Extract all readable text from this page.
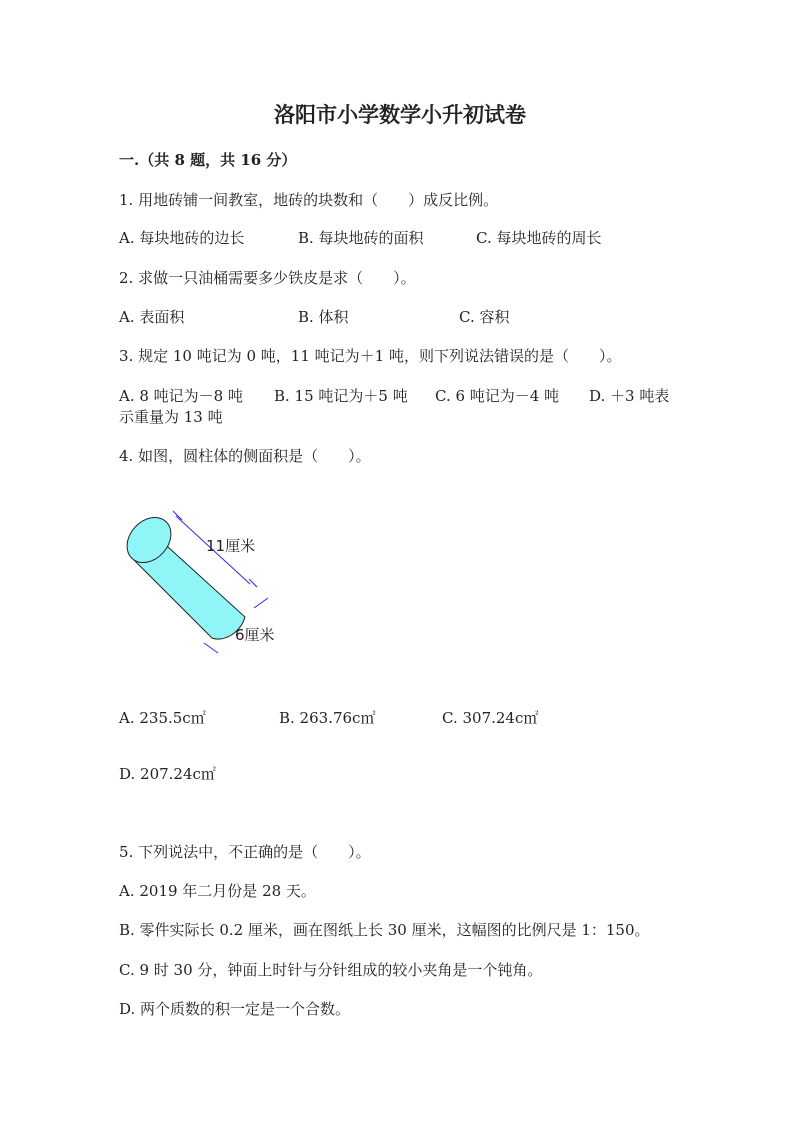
洛阳市小学数学小升初试卷
一.（共 8 题，共 16 分）
1. 用地砖铺一间教室，地砖的块数和（　　）成反比例。
A. 每块地砖的边长	B. 每块地砖的面积	C. 每块地砖的周长
2. 求做一只油桶需要多少铁皮是求（　　）。
A. 表面积	B. 体积	C. 容积
3. 规定 10 吨记为 0 吨，11 吨记为＋1 吨，则下列说法错误的是（　　）。
A. 8 吨记为－8 吨 B. 15 吨记为＋5 吨 C. 6 吨记为－4 吨 D. ＋3 吨表
示重量为 13 吨
4. 如图，圆柱体的侧面积是（　　）。
11厘米
6厘米
A. 235.5c㎡	B. 263.76c㎡	C. 307.24c㎡
D. 207.24c㎡
5. 下列说法中，不正确的是（　　）。
A. 2019 年二月份是 28 天。
B. 零件实际长 0.2 厘米，画在图纸上长 30 厘米，这幅图的比例尺是 1：150。
C. 9 时 30 分，钟面上时针与分针组成的较小夹角是一个钝角。
D. 两个质数的积一定是一个合数。
